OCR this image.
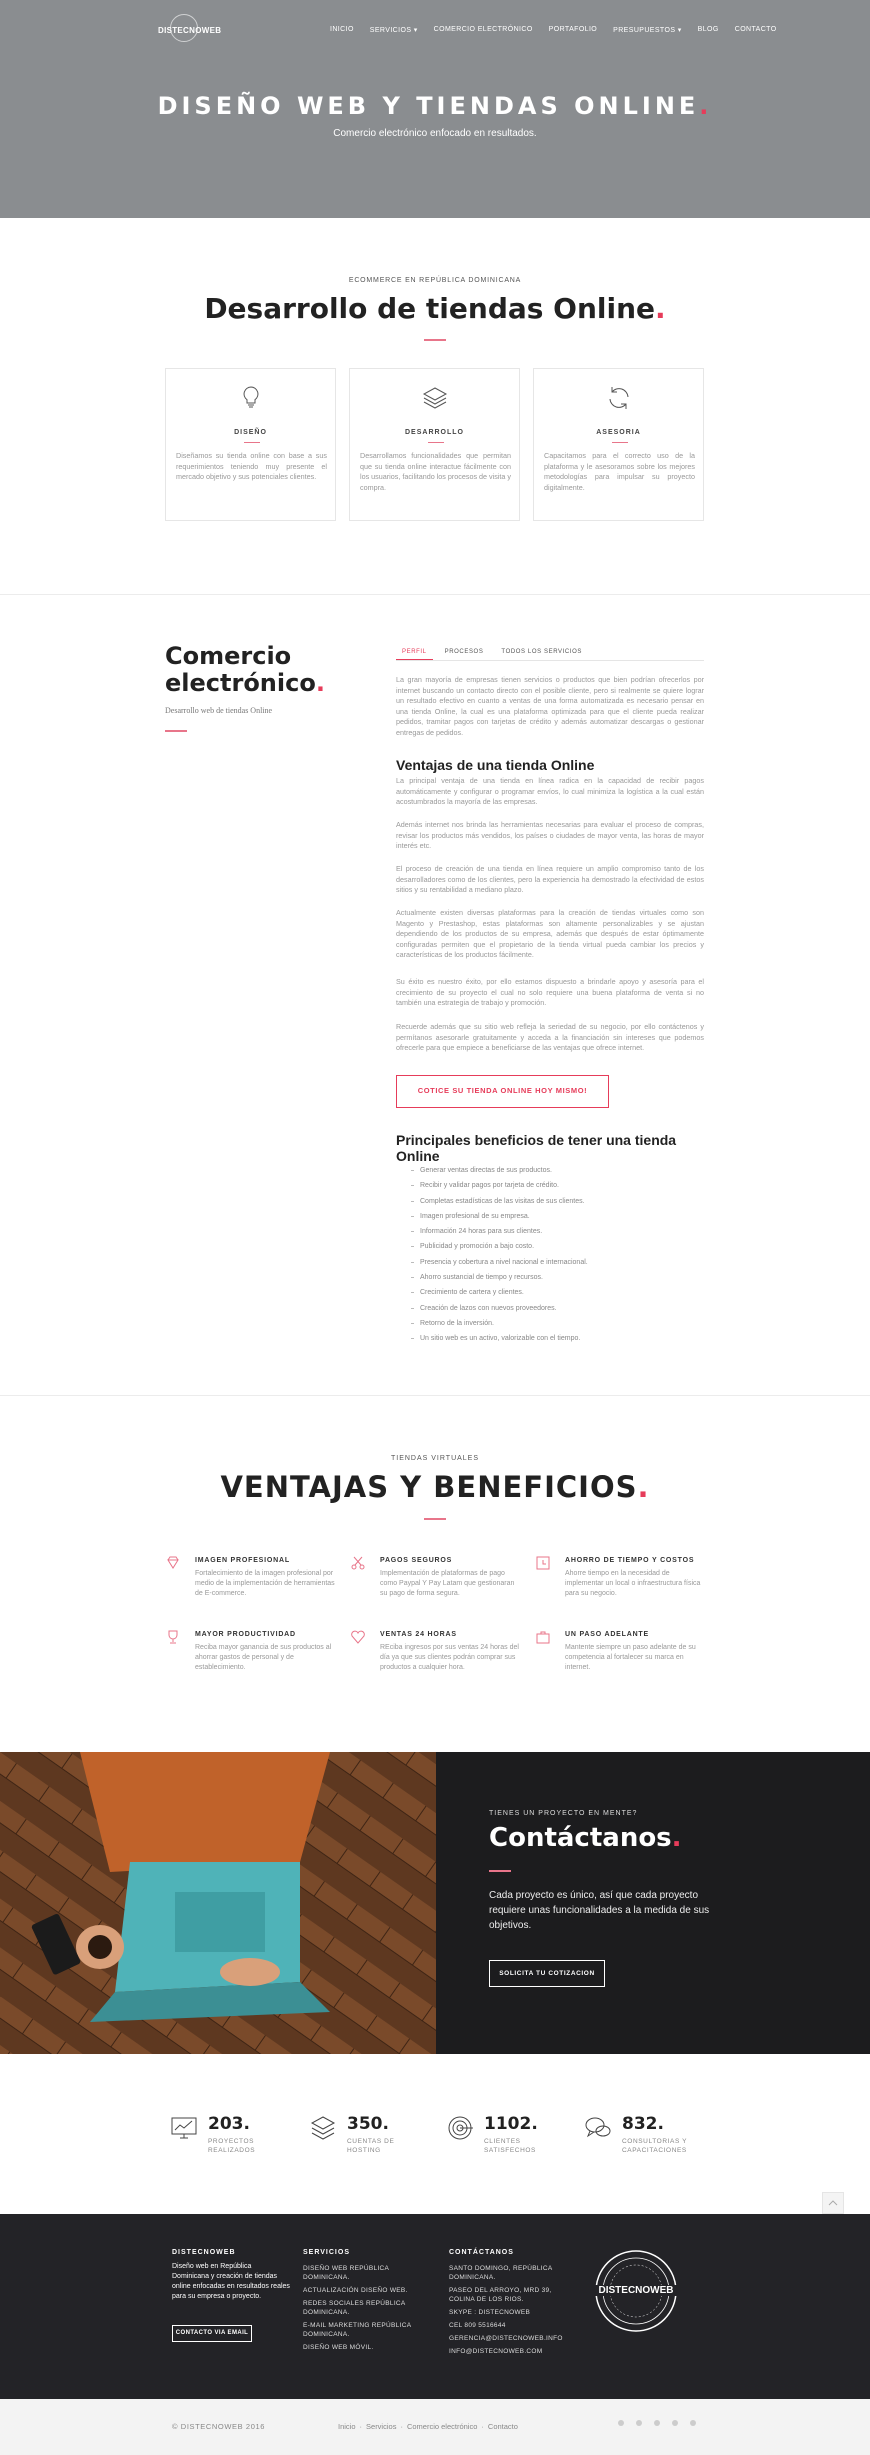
DISTECNOWEB	INICIO SERVICIOS ▾ COMERCIO ELECTRÓNICO PORTAFOLIO PRESUPUESTOS ▾ BLOG CONTACTO
DISEÑO WEB Y TIENDAS ONLINE.
Comercio electrónico enfocado en resultados.
ECOMMERCE EN REPÚBLICA DOMINICANA
Desarrollo de tiendas Online.
DISEÑO
Diseñamos su tienda online con base a sus requerimientos teniendo muy presente el mercado objetivo y sus potenciales clientes.
DESARROLLO
Desarrollamos funcionalidades que permitan que su tienda online interactue fácilmente con los usuarios, facilitando los procesos de visita y compra.
ASESORIA
Capacitamos para el correcto uso de la plataforma y le asesoramos sobre los mejores metodologías para impulsar su proyecto digitalmente.
Comercio
electrónico.
Desarrollo web de tiendas Online
PERFIL	PROCESOS	TODOS LOS SERVICIOS
La gran mayoría de empresas tienen servicios o productos que bien podrían ofrecerlos por internet buscando un contacto directo con el posible cliente, pero si realmente se quiere lograr un resultado efectivo en cuanto a ventas de una forma automatizada es necesario pensar en una tienda Online, la cual es una plataforma optimizada para que el cliente pueda realizar pedidos, tramitar pagos con tarjetas de crédito y además automatizar descargas o gestionar entregas de pedidos.
Ventajas de una tienda Online
La principal ventaja de una tienda en línea radica en la capacidad de recibir pagos automáticamente y configurar o programar envíos, lo cual minimiza la logística a la cual están acostumbrados la mayoría de las empresas.
Además internet nos brinda las herramientas necesarias para evaluar el proceso de compras, revisar los productos más vendidos, los países o ciudades de mayor venta, las horas de mayor interés etc.
El proceso de creación de una tienda en línea requiere un amplio compromiso tanto de los desarrolladores como de los clientes, pero la experiencia ha demostrado la efectividad de estos sitios y su rentabilidad a mediano plazo.
Actualmente existen diversas plataformas para la creación de tiendas virtuales como son Magento y Prestashop, estas plataformas son altamente personalizables y se ajustan dependiendo de los productos de su empresa, además que después de estar óptimamente configuradas permiten que el propietario de la tienda virtual pueda cambiar los precios y características de los productos fácilmente.
Su éxito es nuestro éxito, por ello estamos dispuesto a brindarle apoyo y asesoría para el crecimiento de su proyecto el cual no solo requiere una buena plataforma de venta si no también una estrategia de trabajo y promoción.
Recuerde además que su sitio web refleja la seriedad de su negocio, por ello contáctenos y permítanos asesorarle gratuitamente y acceda a la financiación sin intereses que podemos ofrecerle para que empiece a beneficiarse de las ventajas que ofrece internet.
COTICE SU TIENDA ONLINE HOY MISMO!
Principales beneficios de tener una tienda Online
Generar ventas directas de sus productos.
Recibir y validar pagos por tarjeta de crédito.
Completas estadísticas de las visitas de sus clientes.
Imagen profesional de su empresa.
Información 24 horas para sus clientes.
Publicidad y promoción a bajo costo.
Presencia y cobertura a nivel nacional e internacional.
Ahorro sustancial de tiempo y recursos.
Crecimiento de cartera y clientes.
Creación de lazos con nuevos proveedores.
Retorno de la inversión.
Un sitio web es un activo, valorizable con el tiempo.
TIENDAS VIRTUALES
VENTAJAS Y BENEFICIOS.
IMAGEN PROFESIONAL
Fortalecimiento de la imagen profesional por medio de la implementación de herramientas de E-commerce.
PAGOS SEGUROS
Implementación de plataformas de pago como Paypal Y Pay Latam que gestionaran su pago de forma segura.
AHORRO DE TIEMPO Y COSTOS
Ahorre tiempo en la necesidad de implementar un local o infraestructura física para su negocio.
MAYOR PRODUCTIVIDAD
Reciba mayor ganancia de sus productos al ahorrar gastos de personal y de establecimiento.
VENTAS 24 HORAS
REciba ingresos por sus ventas 24 horas del día ya que sus clientes podrán comprar sus productos a cualquier hora.
UN PASO ADELANTE
Mantente siempre un paso adelante de su competencia al fortalecer su marca en internet.
TIENES UN PROYECTO EN MENTE?
Contáctanos.
Cada proyecto es único, así que cada proyecto requiere unas funcionalidades a la medida de sus objetivos.
SOLICITA TU COTIZACION
203.
PROYECTOS REALIZADOS
350.
CUENTAS DE HOSTING
1102.
CLIENTES SATISFECHOS
832.
CONSULTORIAS Y CAPACITACIONES
DISTECNOWEB
Diseño web en República Dominicana y creación de tiendas online enfocadas en resultados reales para su empresa o proyecto.
CONTACTO VIA EMAIL
SERVICIOS
DISEÑO WEB REPÚBLICA DOMINICANA.
ACTUALIZACIÓN DISEÑO WEB.
REDES SOCIALES REPÚBLICA DOMINICANA.
E-MAIL MARKETING REPÚBLICA DOMINICANA.
DISEÑO WEB MÓVIL.
CONTÁCTANOS
SANTO DOMINGO, REPÚBLICA DOMINICANA.
PASEO DEL ARROYO, MRD 39, COLINA DE LOS RIOS.
SKYPE : DISTECNOWEB
CEL 809 5516644
GERENCIA@DISTECNOWEB.INFO
INFO@DISTECNOWEB.COM
DISTECNOWEB
© DISTECNOWEB 2016	Inicio · Servicios · Comercio electrónico · Contacto
